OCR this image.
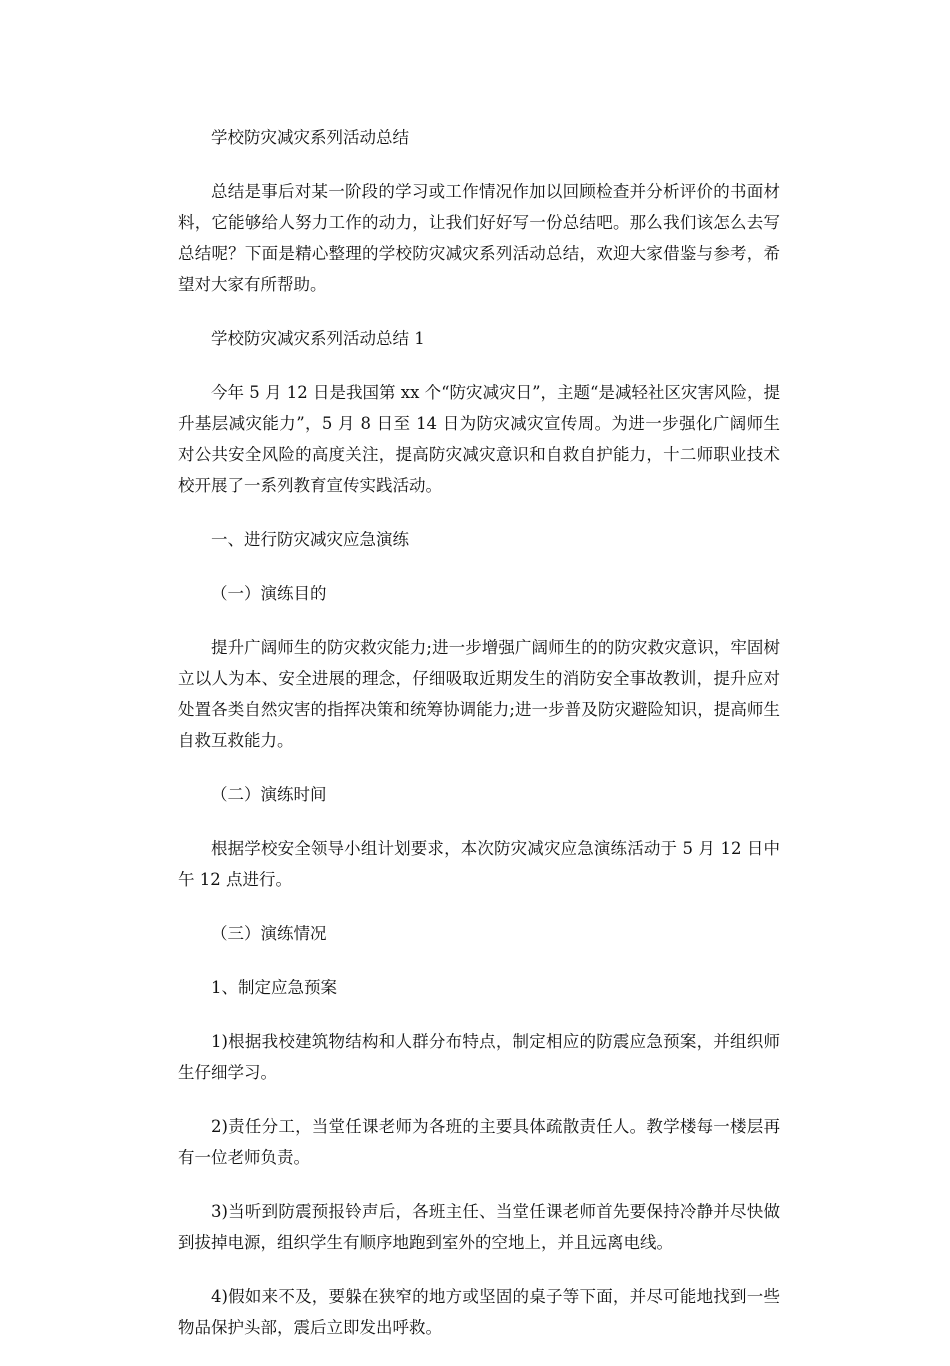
学校防灾减灾系列活动总结

总结是事后对某一阶段的学习或工作情况作加以回顾检查并分析评价的书面材料，它能够给人努力工作的动力，让我们好好写一份总结吧。那么我们该怎么去写总结呢？下面是精心整理的学校防灾减灾系列活动总结，欢迎大家借鉴与参考，希望对大家有所帮助。

学校防灾减灾系列活动总结 1

今年 5 月 12 日是我国第 xx 个“防灾减灾日”，主题“是减轻社区灾害风险，提升基层减灾能力”，5 月 8 日至 14 日为防灾减灾宣传周。为进一步强化广阔师生对公共安全风险的高度关注，提高防灾减灾意识和自救自护能力，十二师职业技术校开展了一系列教育宣传实践活动。

一、进行防灾减灾应急演练

（一）演练目的

提升广阔师生的防灾救灾能力;进一步增强广阔师生的的防灾救灾意识，牢固树立以人为本、安全进展的理念，仔细吸取近期发生的消防安全事故教训，提升应对处置各类自然灾害的指挥决策和统筹协调能力;进一步普及防灾避险知识，提高师生自救互救能力。

（二）演练时间

根据学校安全领导小组计划要求，本次防灾减灾应急演练活动于 5 月 12 日中午 12 点进行。

（三）演练情况

1、制定应急预案

1)根据我校建筑物结构和人群分布特点，制定相应的防震应急预案，并组织师生仔细学习。

2)责任分工，当堂任课老师为各班的主要具体疏散责任人。教学楼每一楼层再有一位老师负责。

3)当听到防震预报铃声后，各班主任、当堂任课老师首先要保持冷静并尽快做到拔掉电源，组织学生有顺序地跑到室外的空地上，并且远离电线。

4)假如来不及，要躲在狭窄的地方或坚固的桌子等下面，并尽可能地找到一些物品保护头部，震后立即发出呼救。
